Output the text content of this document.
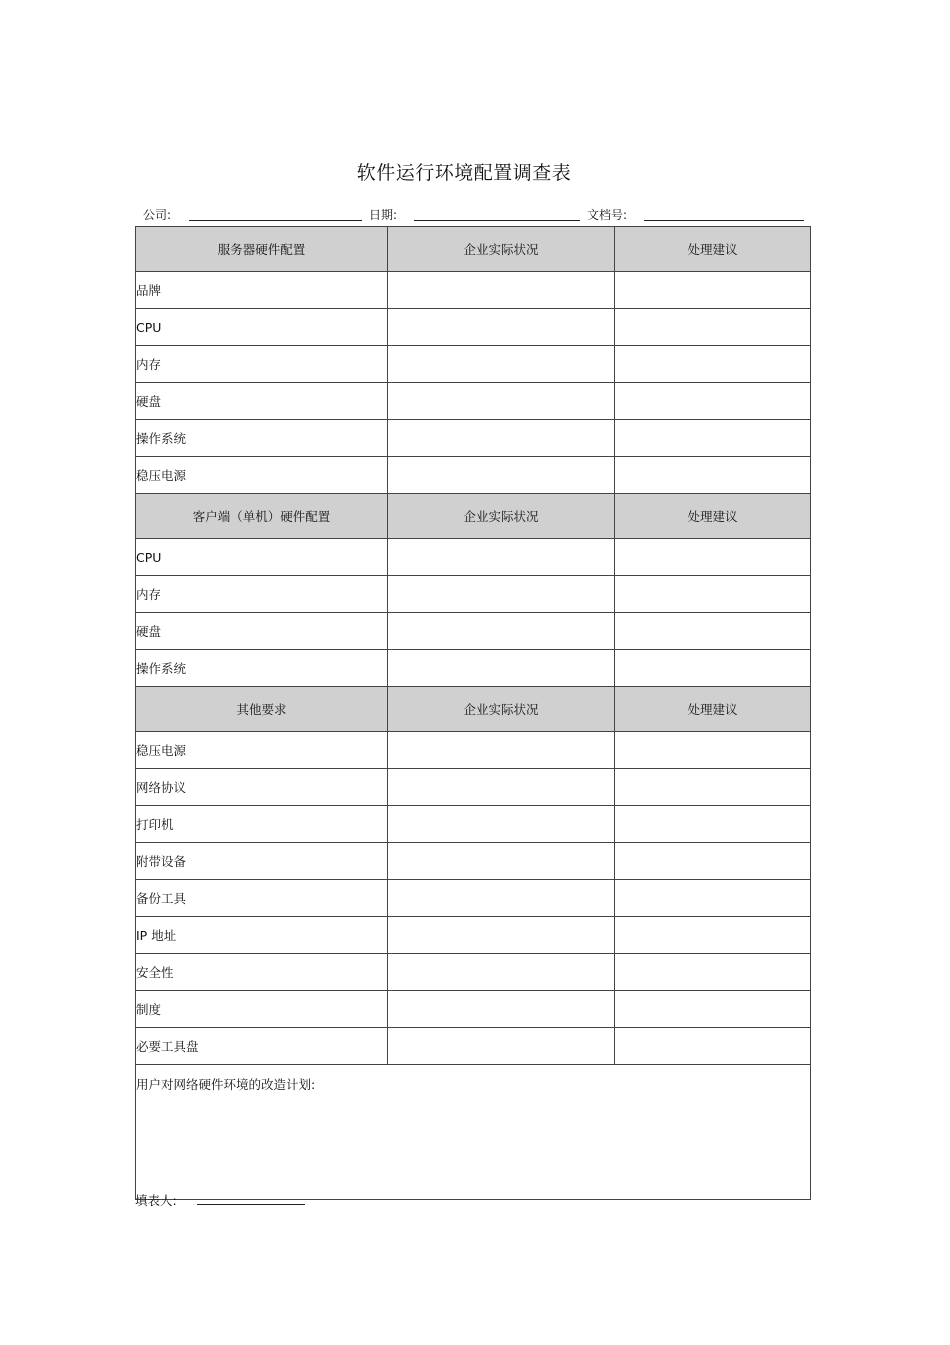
软件运行环境配置调查表
公司:	日期:	文档号:
服务器硬件配置	企业实际状况	处理建议
品牌		
CPU		
内存		
硬盘		
操作系统		
稳压电源		
客户端（单机）硬件配置	企业实际状况	处理建议
CPU		
内存		
硬盘		
操作系统		
其他要求	企业实际状况	处理建议
稳压电源		
网络协议		
打印机		
附带设备		
备份工具		
IP 地址		
安全性		
制度		
必要工具盘		
用户对网络硬件环境的改造计划:		
填表人:
